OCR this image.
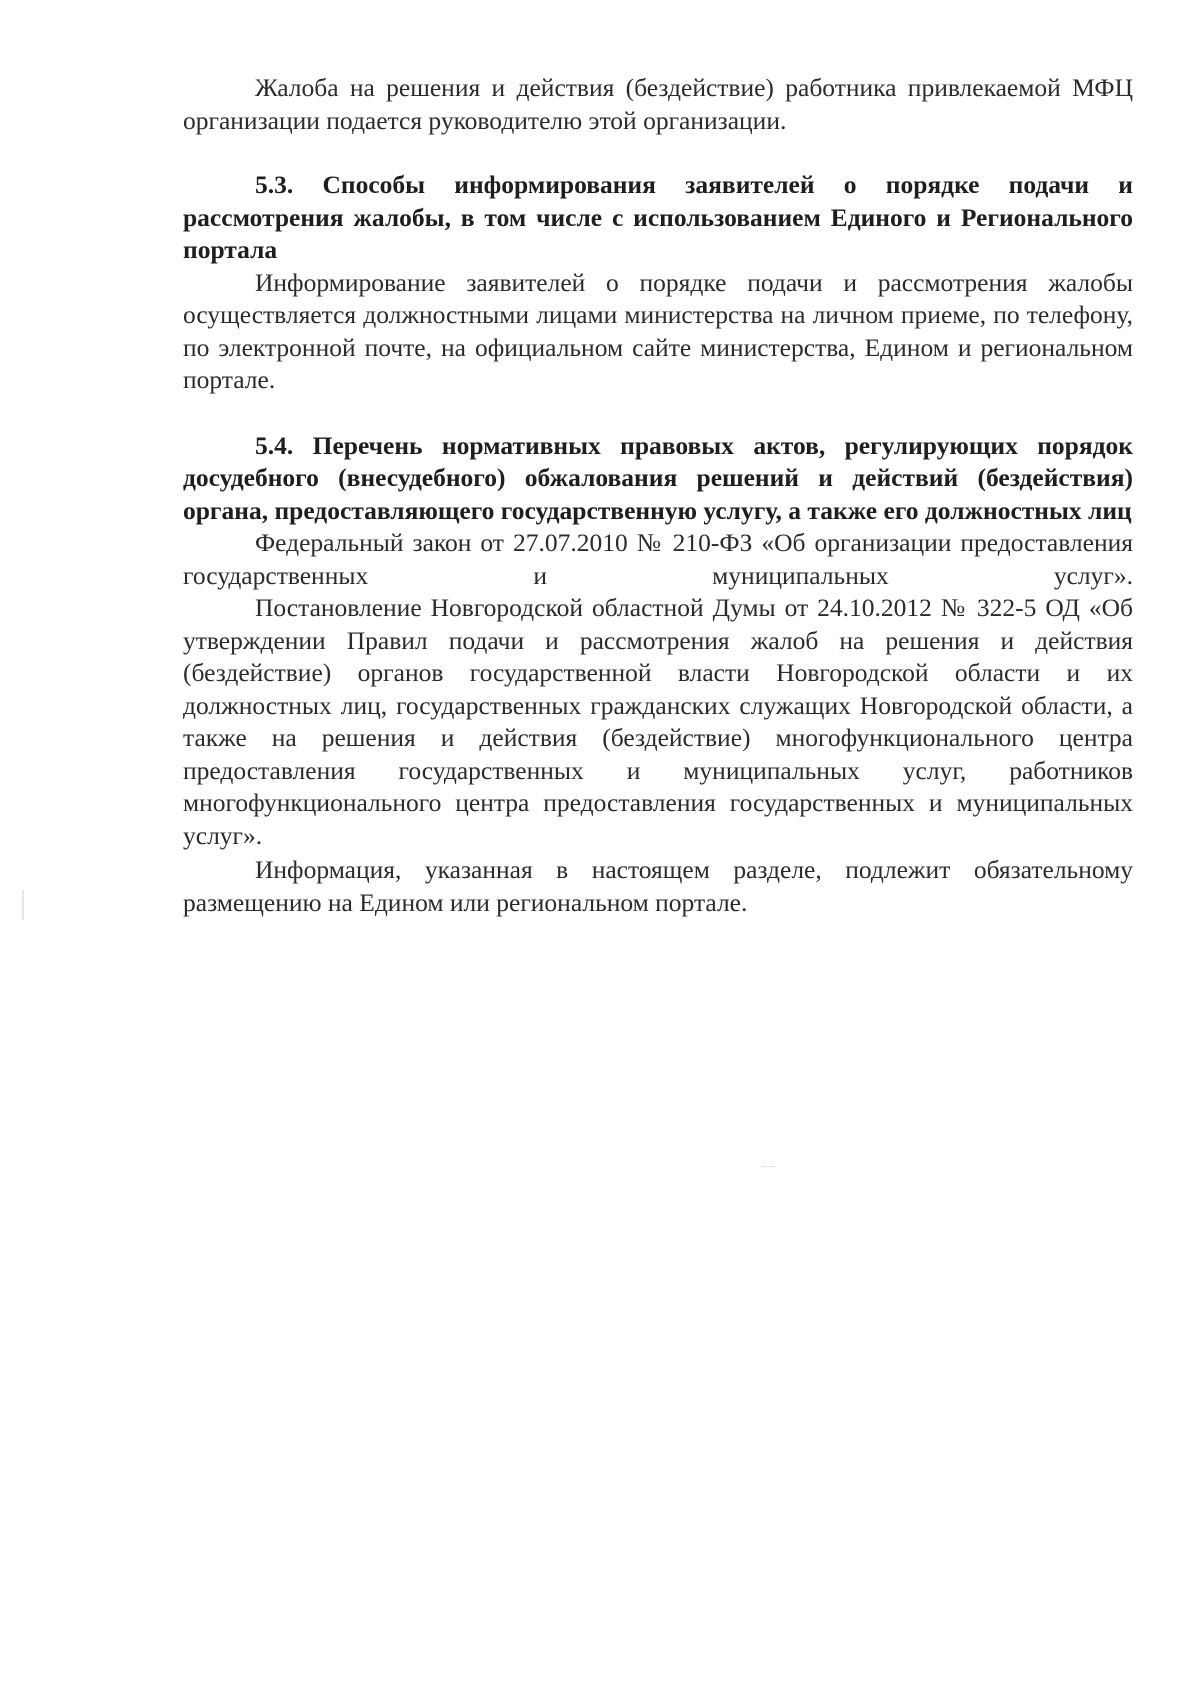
Жалоба на решения и действия (бездействие) работника привлекаемой МФЦ организации подается руководителю этой организации.

5.3. Способы информирования заявителей о порядке подачи и рассмотрения жалобы, в том числе с использованием Единого и Регионального портала

Информирование заявителей о порядке подачи и рассмотрения жалобы осуществляется должностными лицами министерства на личном приеме, по телефону, по электронной почте, на официальном сайте министерства, Едином и региональном портале.

5.4. Перечень нормативных правовых актов, регулирующих порядок досудебного (внесудебного) обжалования решений и действий (бездействия) органа, предоставляющего государственную услугу, а также его должностных лиц

Федеральный закон от 27.07.2010 № 210-ФЗ «Об организации предоставления государственных и муниципальных услуг».

Постановление Новгородской областной Думы от 24.10.2012 № 322-5 ОД «Об утверждении Правил подачи и рассмотрения жалоб на решения и действия (бездействие) органов государственной власти Новгородской области и их должностных лиц, государственных гражданских служащих Новгородской области, а также на решения и действия (бездействие) многофункционального центра предоставления государственных и муниципальных услуг, работников многофункционального центра предоставления государственных и муниципальных услуг».

Информация, указанная в настоящем разделе, подлежит обязательному размещению на Едином или региональном портале.
